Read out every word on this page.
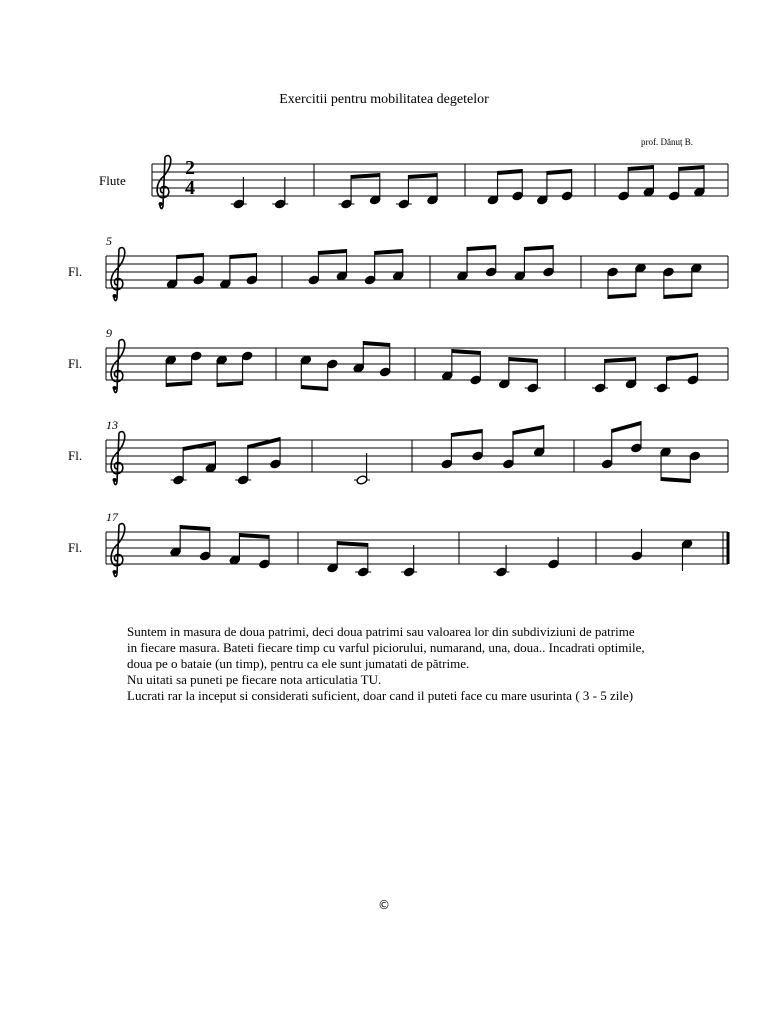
Exercitii pentru mobilitatea degetelor
prof. Dănuț B.
Flute
Fl.
Fl.
Fl.
Fl.
5
9
13
17
2
4
Suntem in masura de doua patrimi, deci doua patrimi sau valoarea lor din subdiviziuni de patrime
in fiecare masura. Bateti fiecare timp cu varful piciorului, numarand, una, doua.. Incadrati optimile,
doua pe o bataie (un timp), pentru ca ele sunt jumatati de pătrime.
Nu uitati sa puneti pe fiecare nota articulatia TU.
Lucrati rar la inceput si considerati suficient, doar cand il puteti face cu mare usurinta ( 3 - 5 zile)
©
